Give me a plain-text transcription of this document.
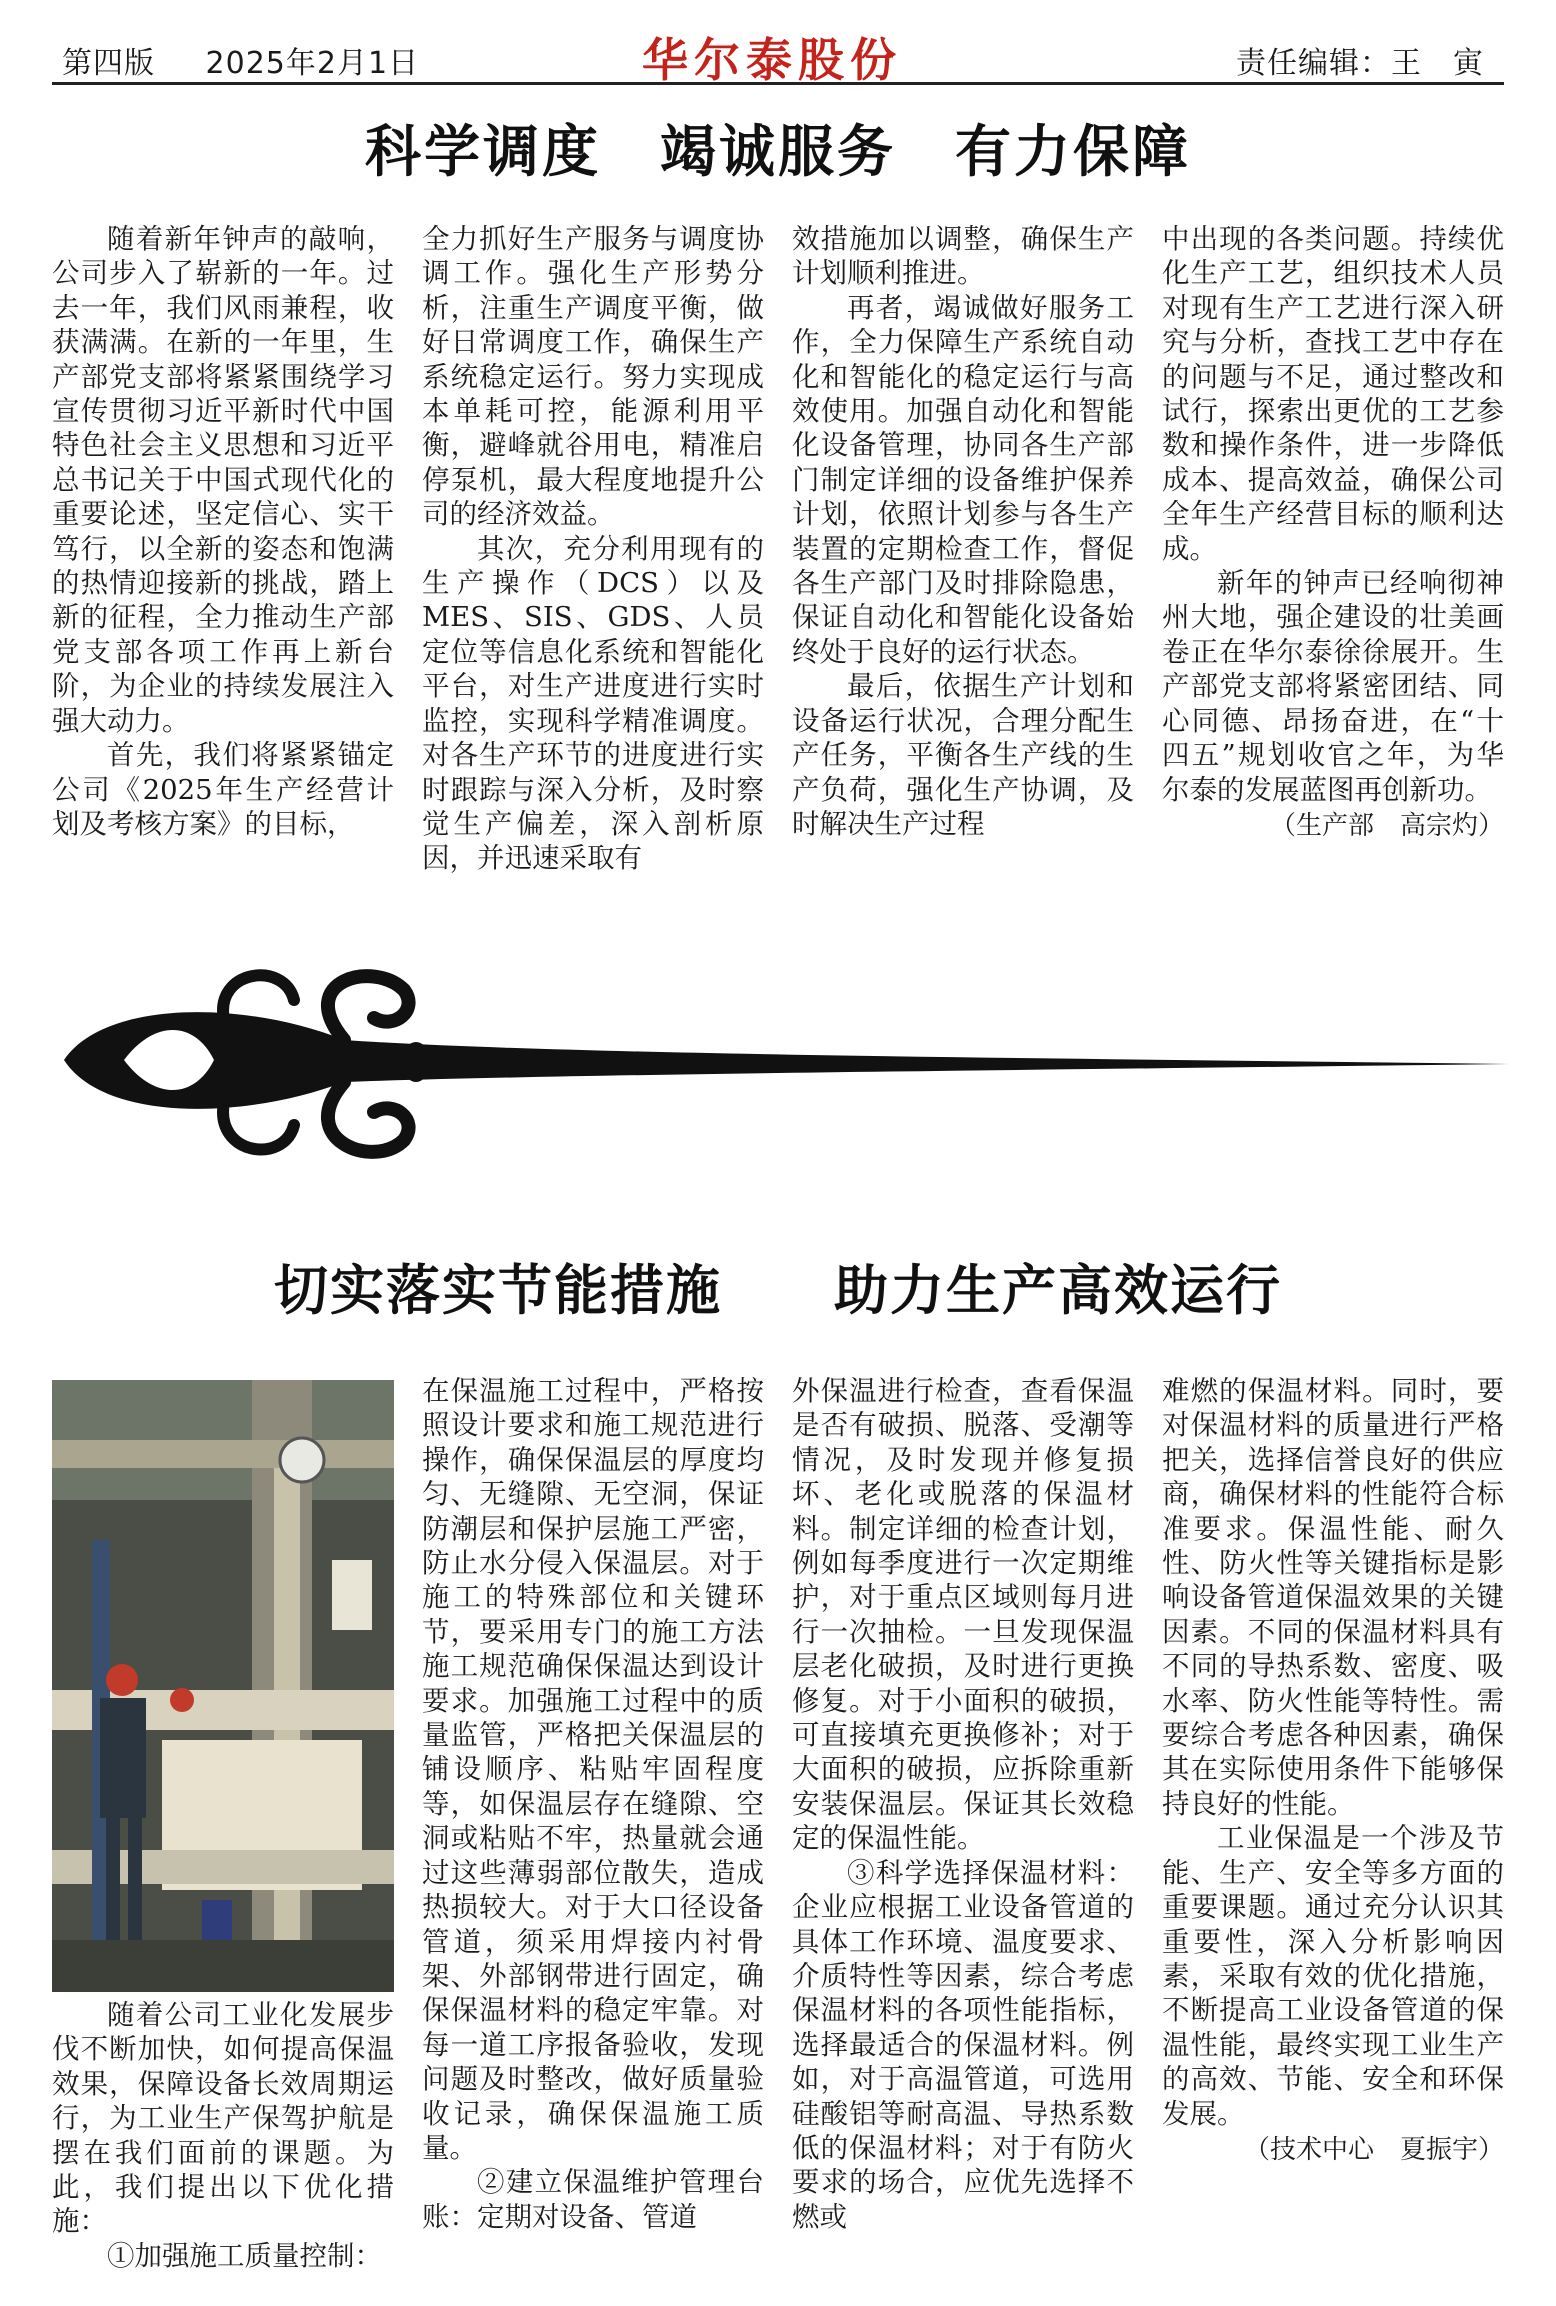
第四版 2025年2月1日	华尔泰股份	责任编辑：王　寅
科学调度　竭诚服务　有力保障

随着新年钟声的敲响，公司步入了崭新的一年。过去一年，我们风雨兼程，收获满满。在新的一年里，生产部党支部将紧紧围绕学习宣传贯彻习近平新时代中国特色社会主义思想和习近平总书记关于中国式现代化的重要论述，坚定信心、实干笃行，以全新的姿态和饱满的热情迎接新的挑战，踏上新的征程，全力推动生产部党支部各项工作再上新台阶，为企业的持续发展注入强大动力。

首先，我们将紧紧锚定公司《2025年生产经营计划及考核方案》的目标，

全力抓好生产服务与调度协调工作。强化生产形势分析，注重生产调度平衡，做好日常调度工作，确保生产系统稳定运行。努力实现成本单耗可控，能源利用平衡，避峰就谷用电，精准启停泵机，最大程度地提升公司的经济效益。

其次，充分利用现有的生产操作（DCS）以及MES、SIS、GDS、人员定位等信息化系统和智能化平台，对生产进度进行实时监控，实现科学精准调度。对各生产环节的进度进行实时跟踪与深入分析，及时察觉生产偏差，深入剖析原因，并迅速采取有

效措施加以调整，确保生产计划顺利推进。

再者，竭诚做好服务工作，全力保障生产系统自动化和智能化的稳定运行与高效使用。加强自动化和智能化设备管理，协同各生产部门制定详细的设备维护保养计划，依照计划参与各生产装置的定期检查工作，督促各生产部门及时排除隐患，保证自动化和智能化设备始终处于良好的运行状态。

最后，依据生产计划和设备运行状况，合理分配生产任务，平衡各生产线的生产负荷，强化生产协调，及时解决生产过程

中出现的各类问题。持续优化生产工艺，组织技术人员对现有生产工艺进行深入研究与分析，查找工艺中存在的问题与不足，通过整改和试行，探索出更优的工艺参数和操作条件，进一步降低成本、提高效益，确保公司全年生产经营目标的顺利达成。

新年的钟声已经响彻神州大地，强企建设的壮美画卷正在华尔泰徐徐展开。生产部党支部将紧密团结、同心同德、昂扬奋进，在“十四五”规划收官之年，为华尔泰的发展蓝图再创新功。

（生产部　高宗灼）

切实落实节能措施　　助力生产高效运行

随着公司工业化发展步伐不断加快，如何提高保温效果，保障设备长效周期运行，为工业生产保驾护航是摆在我们面前的课题。为此，我们提出以下优化措施：

①加强施工质量控制：

在保温施工过程中，严格按照设计要求和施工规范进行操作，确保保温层的厚度均匀、无缝隙、无空洞，保证防潮层和保护层施工严密，防止水分侵入保温层。对于施工的特殊部位和关键环节，要采用专门的施工方法施工规范确保保温达到设计要求。加强施工过程中的质量监管，严格把关保温层的铺设顺序、粘贴牢固程度等，如保温层存在缝隙、空洞或粘贴不牢，热量就会通过这些薄弱部位散失，造成热损较大。对于大口径设备管道，须采用焊接内衬骨架、外部钢带进行固定，确保保温材料的稳定牢靠。对每一道工序报备验收，发现问题及时整改，做好质量验收记录，确保保温施工质量。

②建立保温维护管理台账：定期对设备、管道

外保温进行检查，查看保温是否有破损、脱落、受潮等情况，及时发现并修复损坏、老化或脱落的保温材料。制定详细的检查计划，例如每季度进行一次定期维护，对于重点区域则每月进行一次抽检。一旦发现保温层老化破损，及时进行更换修复。对于小面积的破损，可直接填充更换修补；对于大面积的破损，应拆除重新安装保温层。保证其长效稳定的保温性能。

③科学选择保温材料：企业应根据工业设备管道的具体工作环境、温度要求、介质特性等因素，综合考虑保温材料的各项性能指标，选择最适合的保温材料。例如，对于高温管道，可选用硅酸铝等耐高温、导热系数低的保温材料；对于有防火要求的场合，应优先选择不燃或

难燃的保温材料。同时，要对保温材料的质量进行严格把关，选择信誉良好的供应商，确保材料的性能符合标准要求。保温性能、耐久性、防火性等关键指标是影响设备管道保温效果的关键因素。不同的保温材料具有不同的导热系数、密度、吸水率、防火性能等特性。需要综合考虑各种因素，确保其在实际使用条件下能够保持良好的性能。

工业保温是一个涉及节能、生产、安全等多方面的重要课题。通过充分认识其重要性，深入分析影响因素，采取有效的优化措施，不断提高工业设备管道的保温性能，最终实现工业生产的高效、节能、安全和环保发展。

（技术中心　夏振宇）
